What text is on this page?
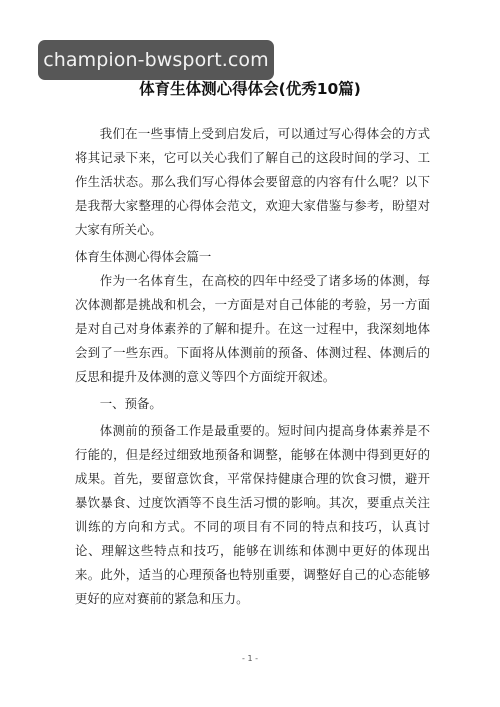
champion-bwsport.com
体育生体测心得体会(优秀10篇)

我们在一些事情上受到启发后，可以通过写心得体会的方式将其记录下来，它可以关心我们了解自己的这段时间的学习、工作生活状态。那么我们写心得体会要留意的内容有什么呢？以下是我帮大家整理的心得体会范文，欢迎大家借鉴与参考，盼望对大家有所关心。

体育生体测心得体会篇一

作为一名体育生，在高校的四年中经受了诸多场的体测，每次体测都是挑战和机会，一方面是对自己体能的考验，另一方面是对自己对身体素养的了解和提升。在这一过程中，我深刻地体会到了一些东西。下面将从体测前的预备、体测过程、体测后的反思和提升及体测的意义等四个方面绽开叙述。

一、预备。

体测前的预备工作是最重要的。短时间内提高身体素养是不行能的，但是经过细致地预备和调整，能够在体测中得到更好的成果。首先，要留意饮食，平常保持健康合理的饮食习惯，避开暴饮暴食、过度饮酒等不良生活习惯的影响。其次，要重点关注训练的方向和方式。不同的项目有不同的特点和技巧，认真讨论、理解这些特点和技巧，能够在训练和体测中更好的体现出来。此外，适当的心理预备也特别重要，调整好自己的心态能够更好的应对赛前的紧急和压力。

- 1 -
